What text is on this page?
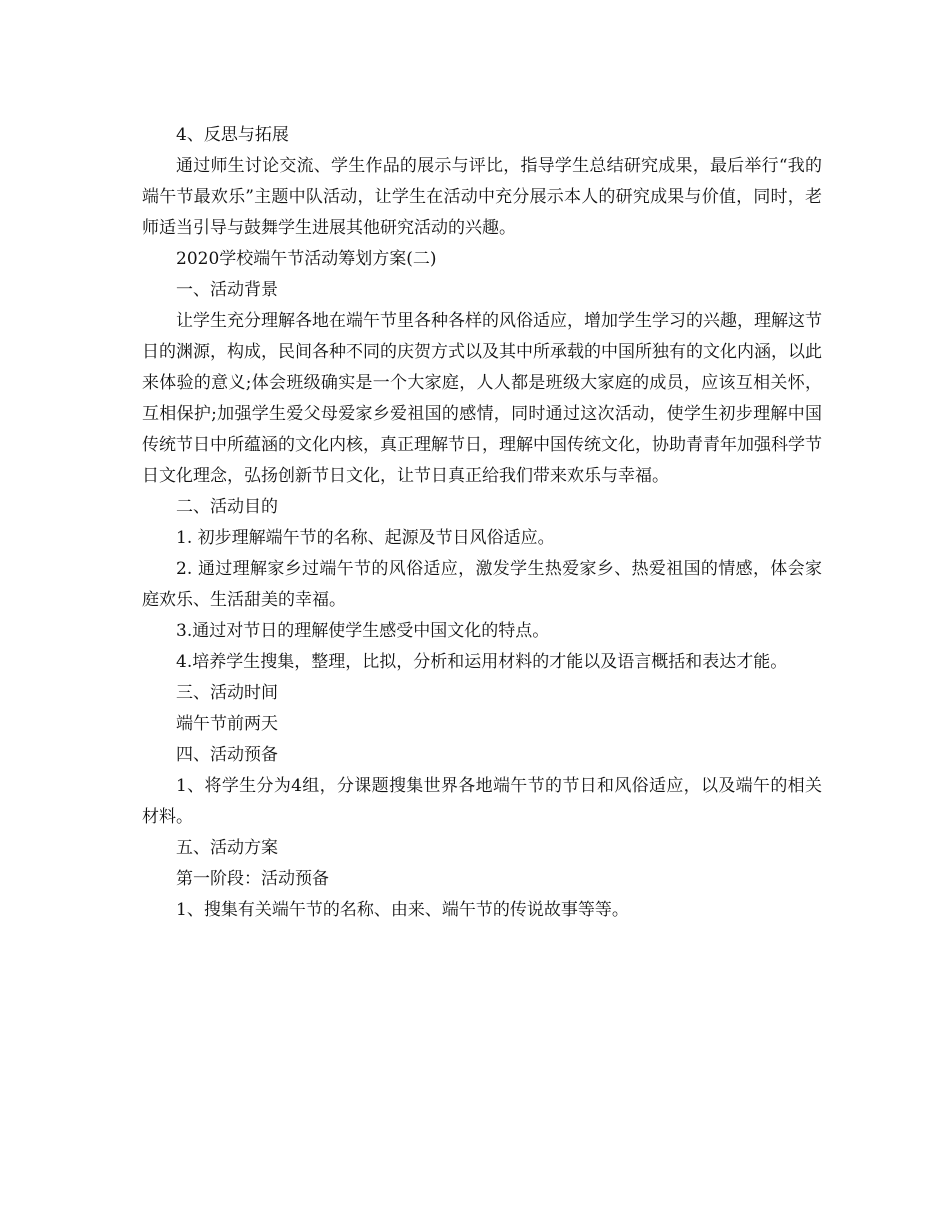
4、反思与拓展

通过师生讨论交流、学生作品的展示与评比，指导学生总结研究成果，最后举行“我的端午节最欢乐”主题中队活动，让学生在活动中充分展示本人的研究成果与价值，同时，老师适当引导与鼓舞学生进展其他研究活动的兴趣。

2020学校端午节活动筹划方案(二)

一、活动背景

让学生充分理解各地在端午节里各种各样的风俗适应，增加学生学习的兴趣，理解这节日的渊源，构成，民间各种不同的庆贺方式以及其中所承载的中国所独有的文化内涵，以此来体验的意义;体会班级确实是一个大家庭，人人都是班级大家庭的成员，应该互相关怀，互相保护;加强学生爱父母爱家乡爱祖国的感情，同时通过这次活动，使学生初步理解中国传统节日中所蕴涵的文化内核，真正理解节日，理解中国传统文化，协助青青年加强科学节日文化理念，弘扬创新节日文化，让节日真正给我们带来欢乐与幸福。

二、活动目的

1. 初步理解端午节的名称、起源及节日风俗适应。

2. 通过理解家乡过端午节的风俗适应，激发学生热爱家乡、热爱祖国的情感，体会家庭欢乐、生活甜美的幸福。

3.通过对节日的理解使学生感受中国文化的特点。

4.培养学生搜集，整理，比拟，分析和运用材料的才能以及语言概括和表达才能。

三、活动时间

端午节前两天

四、活动预备

1、将学生分为4组，分课题搜集世界各地端午节的节日和风俗适应，以及端午的相关材料。

五、活动方案

第一阶段：活动预备

1、搜集有关端午节的名称、由来、端午节的传说故事等等。
